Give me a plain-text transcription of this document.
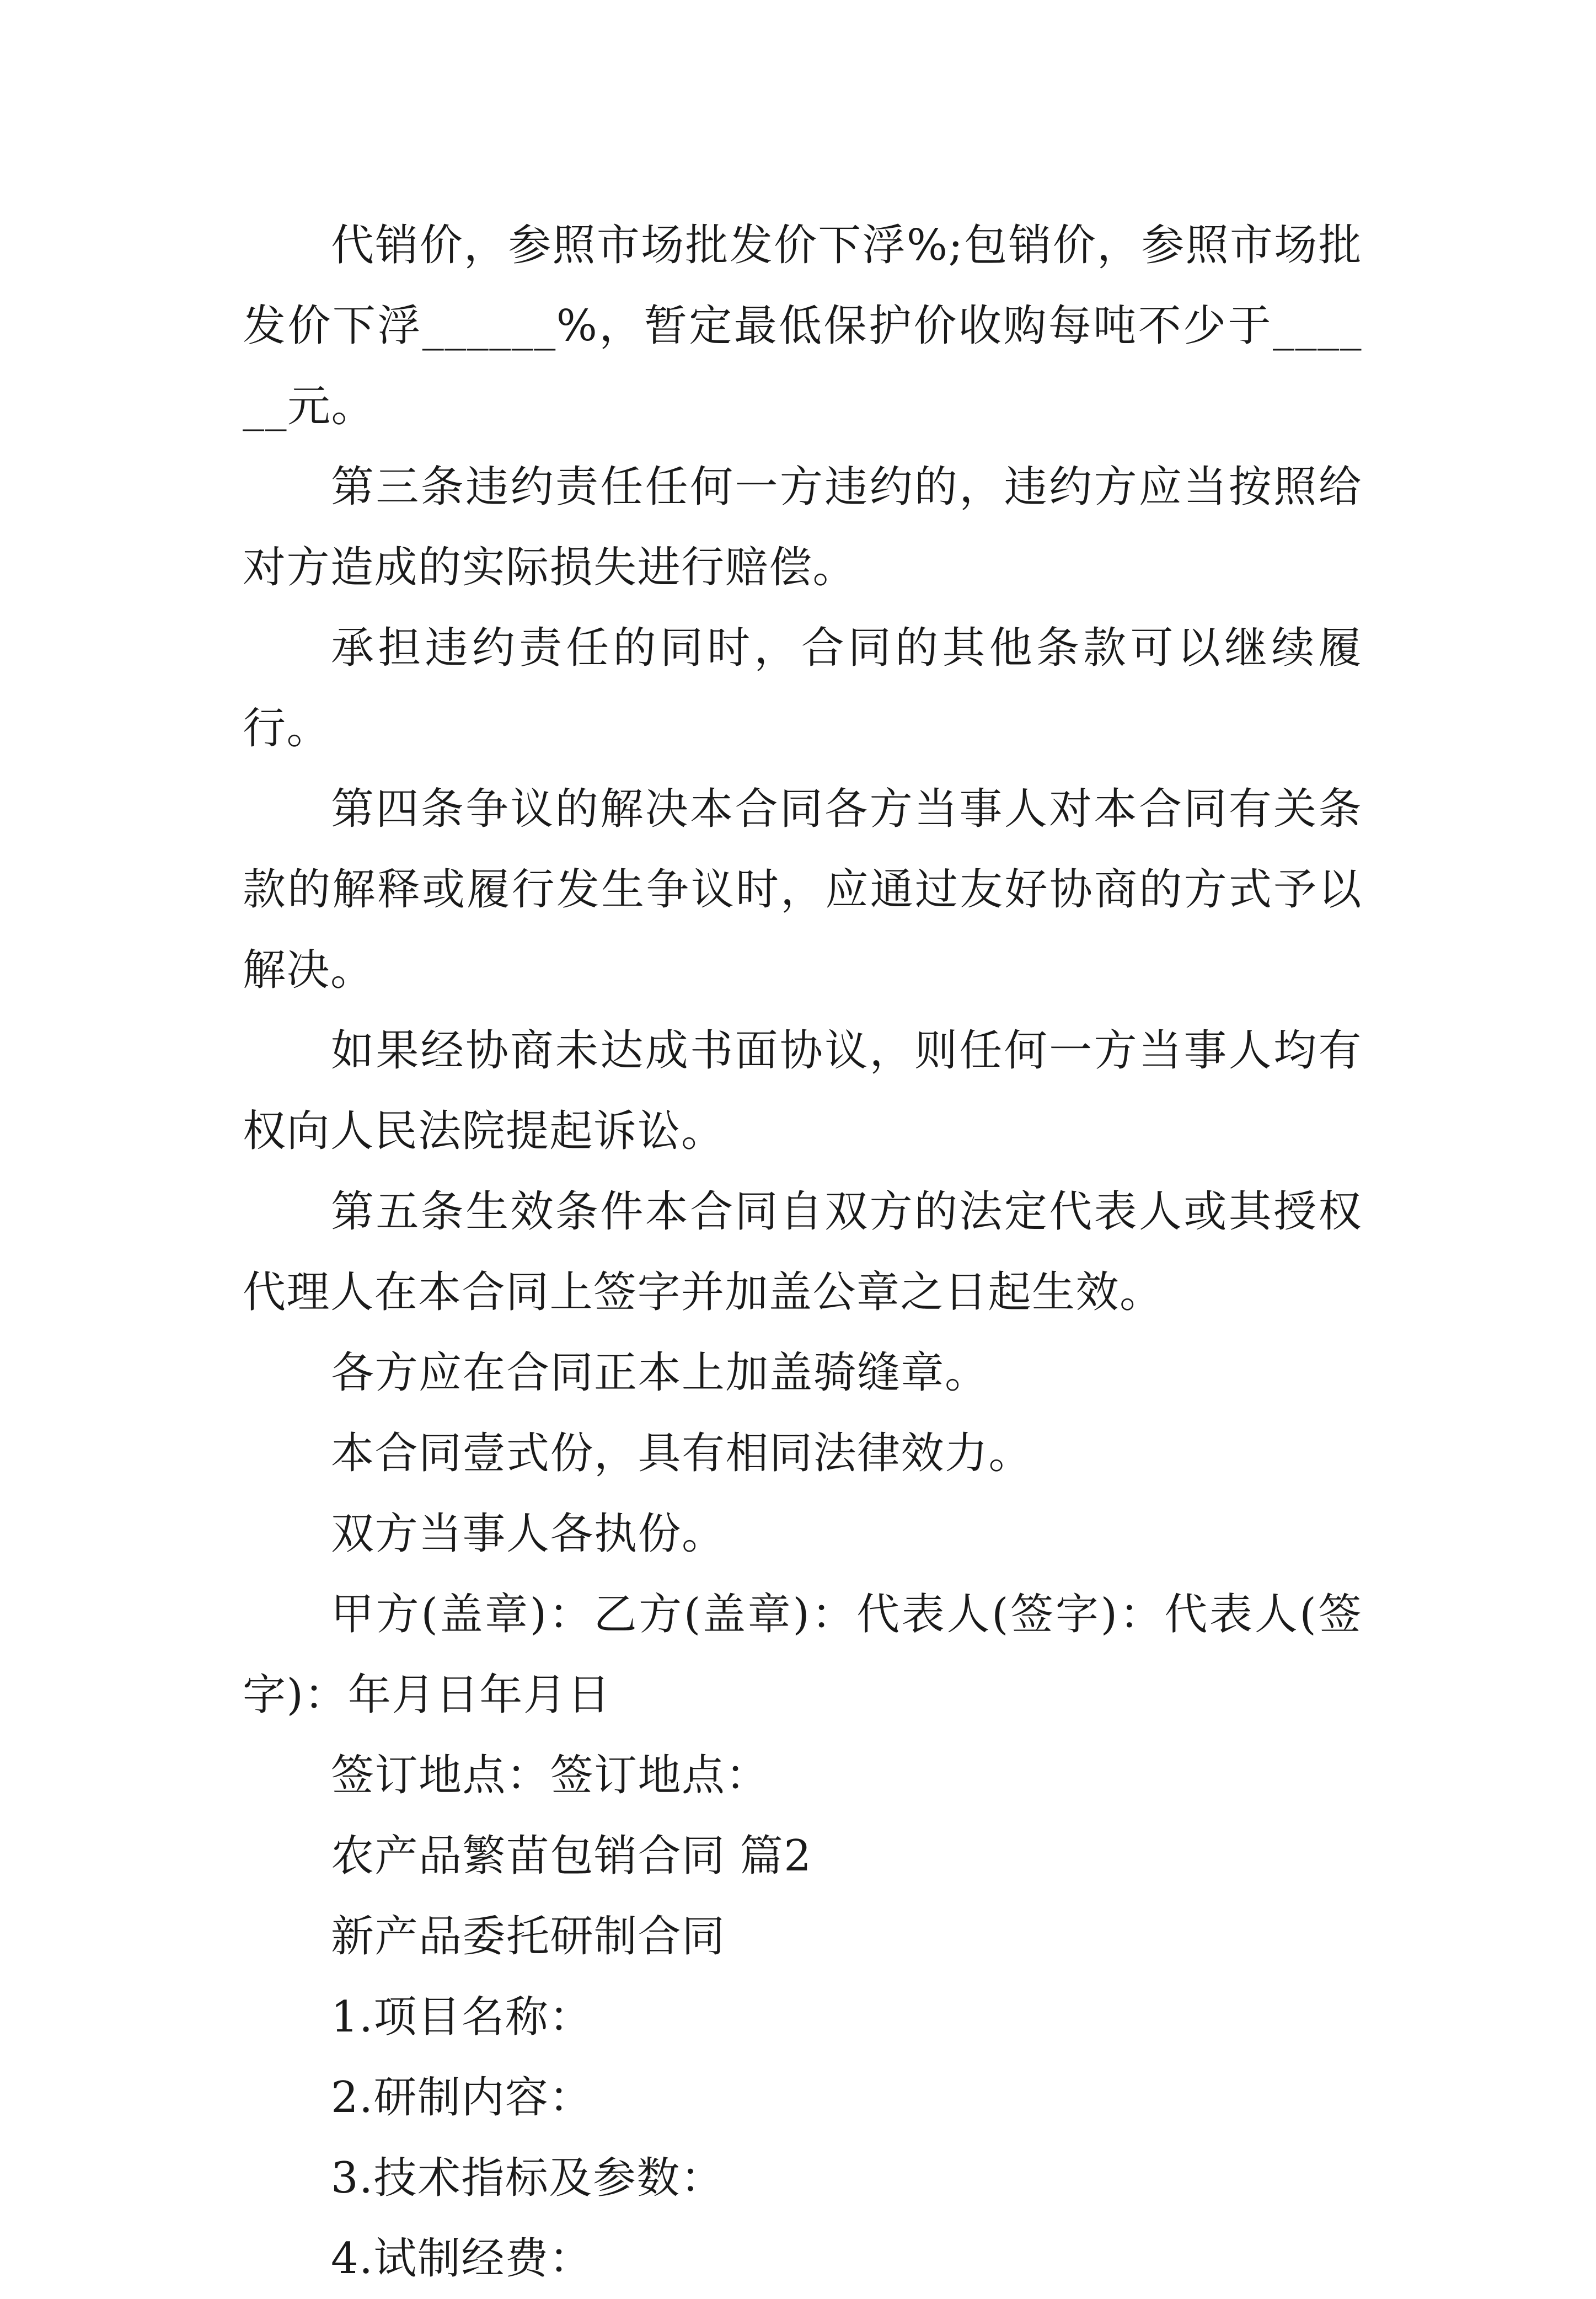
代销价，参照市场批发价下浮%;包销价，参照市场批发价下浮______%，暂定最低保护价收购每吨不少于______元。

第三条违约责任任何一方违约的，违约方应当按照给对方造成的实际损失进行赔偿。

承担违约责任的同时，合同的其他条款可以继续履行。

第四条争议的解决本合同各方当事人对本合同有关条款的解释或履行发生争议时，应通过友好协商的方式予以解决。

如果经协商未达成书面协议，则任何一方当事人均有权向人民法院提起诉讼。

第五条生效条件本合同自双方的法定代表人或其授权代理人在本合同上签字并加盖公章之日起生效。

各方应在合同正本上加盖骑缝章。

本合同壹式份，具有相同法律效力。

双方当事人各执份。

甲方(盖章)：乙方(盖章)：代表人(签字)：代表人(签字)：年月日年月日

签订地点：签订地点：

农产品繁苗包销合同 篇2

新产品委托研制合同

1.项目名称：

2.研制内容：

3.技术指标及参数：

4.试制经费：
